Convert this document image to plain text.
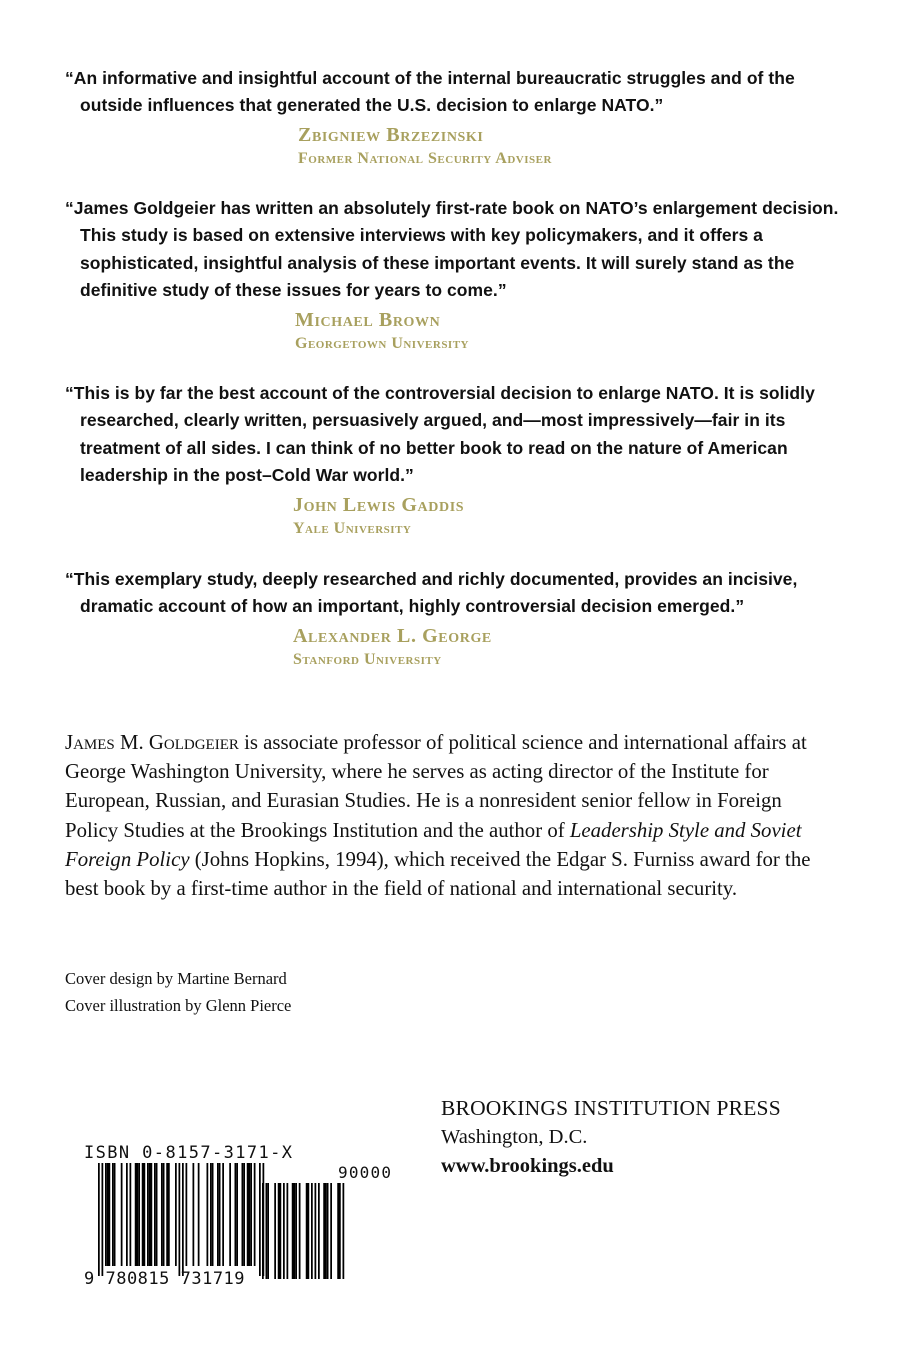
“An informative and insightful account of the internal bureaucratic struggles and of the outside influences that generated the U.S. decision to enlarge NATO.”

Zbigniew Brzezinski

Former National Security Adviser

“James Goldgeier has written an absolutely first-rate book on NATO’s enlargement decision. This study is based on extensive interviews with key policymakers, and it offers a sophisticated, insightful analysis of these important events. It will surely stand as the definitive study of these issues for years to come.”

Michael Brown

Georgetown University

“This is by far the best account of the controversial decision to enlarge NATO. It is solidly researched, clearly written, persuasively argued, and—most impressively—fair in its treatment of all sides. I can think of no better book to read on the nature of American leadership in the post–Cold War world.”

John Lewis Gaddis

Yale University

“This exemplary study, deeply researched and richly documented, provides an incisive, dramatic account of how an important, highly controversial decision emerged.”

Alexander L. George

Stanford University

James M. Goldgeier is associate professor of political science and international affairs at George Washington University, where he serves as acting director of the Institute for European, Russian, and Eurasian Studies. He is a nonresident senior fellow in Foreign Policy Studies at the Brookings Institution and the author of Leadership Style and Soviet Foreign Policy (Johns Hopkins, 1994), which received the Edgar S. Furniss award for the best book by a first-time author in the field of national and international security.

Cover design by Martine Bernard
Cover illustration by Glenn Pierce
BROOKINGS INSTITUTION PRESS
Washington, D.C.
www.brookings.edu
ISBN 0-8157-3171-X
90000
9 780815 731719
